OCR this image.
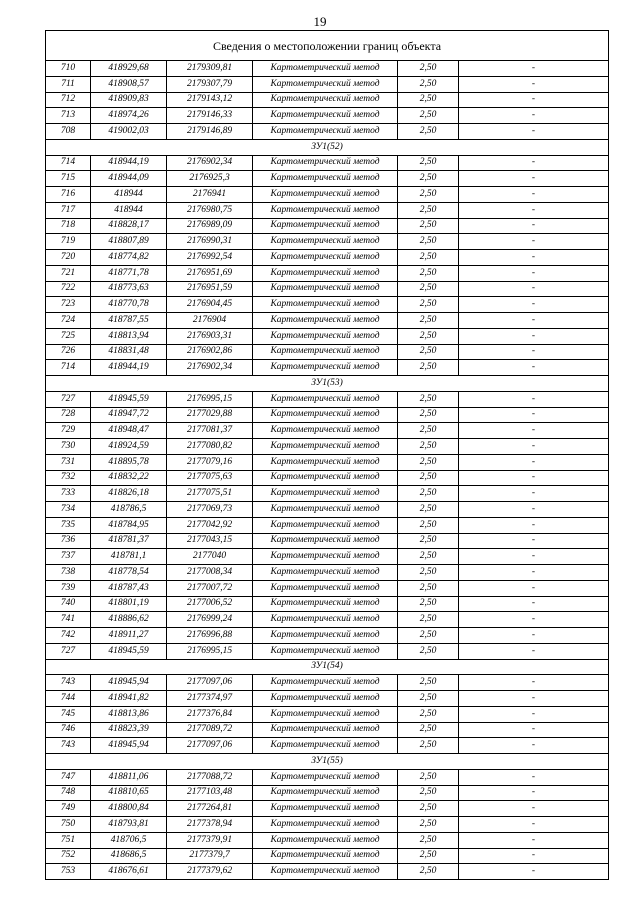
19
Сведения о местоположении границ объекта					
710	418929,68	2179309,81	Картометрический метод	2,50	-
711	418908,57	2179307,79	Картометрический метод	2,50	-
712	418909,83	2179143,12	Картометрический метод	2,50	-
713	418974,26	2179146,33	Картометрический метод	2,50	-
708	419002,03	2179146,89	Картометрический метод	2,50	-
ЗУ1(52)					
714	418944,19	2176902,34	Картометрический метод	2,50	-
715	418944,09	2176925,3	Картометрический метод	2,50	-
716	418944	2176941	Картометрический метод	2,50	-
717	418944	2176980,75	Картометрический метод	2,50	-
718	418828,17	2176989,09	Картометрический метод	2,50	-
719	418807,89	2176990,31	Картометрический метод	2,50	-
720	418774,82	2176992,54	Картометрический метод	2,50	-
721	418771,78	2176951,69	Картометрический метод	2,50	-
722	418773,63	2176951,59	Картометрический метод	2,50	-
723	418770,78	2176904,45	Картометрический метод	2,50	-
724	418787,55	2176904	Картометрический метод	2,50	-
725	418813,94	2176903,31	Картометрический метод	2,50	-
726	418831,48	2176902,86	Картометрический метод	2,50	-
714	418944,19	2176902,34	Картометрический метод	2,50	-
ЗУ1(53)					
727	418945,59	2176995,15	Картометрический метод	2,50	-
728	418947,72	2177029,88	Картометрический метод	2,50	-
729	418948,47	2177081,37	Картометрический метод	2,50	-
730	418924,59	2177080,82	Картометрический метод	2,50	-
731	418895,78	2177079,16	Картометрический метод	2,50	-
732	418832,22	2177075,63	Картометрический метод	2,50	-
733	418826,18	2177075,51	Картометрический метод	2,50	-
734	418786,5	2177069,73	Картометрический метод	2,50	-
735	418784,95	2177042,92	Картометрический метод	2,50	-
736	418781,37	2177043,15	Картометрический метод	2,50	-
737	418781,1	2177040	Картометрический метод	2,50	-
738	418778,54	2177008,34	Картометрический метод	2,50	-
739	418787,43	2177007,72	Картометрический метод	2,50	-
740	418801,19	2177006,52	Картометрический метод	2,50	-
741	418886,62	2176999,24	Картометрический метод	2,50	-
742	418911,27	2176996,88	Картометрический метод	2,50	-
727	418945,59	2176995,15	Картометрический метод	2,50	-
ЗУ1(54)					
743	418945,94	2177097,06	Картометрический метод	2,50	-
744	418941,82	2177374,97	Картометрический метод	2,50	-
745	418813,86	2177376,84	Картометрический метод	2,50	-
746	418823,39	2177089,72	Картометрический метод	2,50	-
743	418945,94	2177097,06	Картометрический метод	2,50	-
ЗУ1(55)					
747	418811,06	2177088,72	Картометрический метод	2,50	-
748	418810,65	2177103,48	Картометрический метод	2,50	-
749	418800,84	2177264,81	Картометрический метод	2,50	-
750	418793,81	2177378,94	Картометрический метод	2,50	-
751	418706,5	2177379,91	Картометрический метод	2,50	-
752	418686,5	2177379,7	Картометрический метод	2,50	-
753	418676,61	2177379,62	Картометрический метод	2,50	-
